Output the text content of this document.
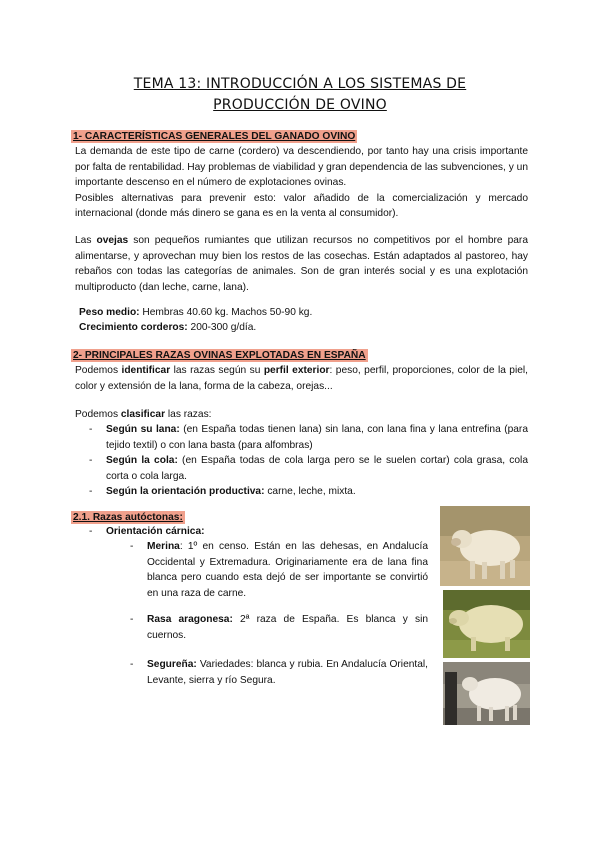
TEMA 13: INTRODUCCIÓN A LOS SISTEMAS DE
PRODUCCIÓN DE OVINO
1- CARACTERÍSTICAS GENERALES DEL GANADO OVINO

La demanda de este tipo de carne (cordero) va descendiendo, por tanto hay una crisis importante por falta de rentabilidad. Hay problemas de viabilidad y gran dependencia de las subvenciones, y un importante descenso en el número de explotaciones ovinas.

Posibles alternativas para prevenir esto: valor añadido de la comercialización y mercado internacional (donde más dinero se gana es en la venta al consumidor).

Las ovejas son pequeños rumiantes que utilizan recursos no competitivos por el hombre para alimentarse, y aprovechan muy bien los restos de las cosechas. Están adaptados al pastoreo, hay rebaños con todas las categorías de animales. Son de gran interés social y es una explotación multiproducto (dan leche, carne, lana).

Peso medio: Hembras 40.60 kg. Machos 50-90 kg.
Crecimiento corderos: 200-300 g/día.
2- PRINCIPALES RAZAS OVINAS EXPLOTADAS EN ESPAÑA

Podemos identificar las razas según su perfil exterior: peso, perfil, proporciones, color de la piel, color y extensión de la lana, forma de la cabeza, orejas...

Podemos clasificar las razas:
- Según su lana: (en España todas tienen lana) sin lana, con lana fina y lana entrefina (para tejido textil) o con lana basta (para alfombras)
- Según la cola: (en España todas de cola larga pero se le suelen cortar) cola grasa, cola corta o cola larga.
- Según la orientación productiva: carne, leche, mixta.
2.1. Razas autóctonas:
- Orientación cárnica:
- Merina: 1º en censo. Están en las dehesas, en Andalucía Occidental y Extremadura. Originariamente era de lana fina blanca pero cuando esta dejó de ser importante se convirtió en una raza de carne.
- Rasa aragonesa: 2ª raza de España. Es blanca y sin cuernos.
- Segureña: Variedades: blanca y rubia. En Andalucía Oriental, Levante, sierra y río Segura.
